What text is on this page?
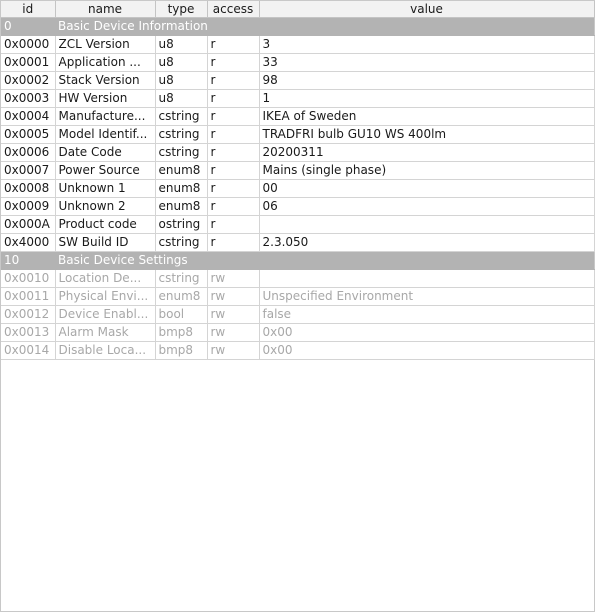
id	name	type	access	value
0	Basic Device Information			
0x0000	ZCL Version	u8	r	3
0x0001	Application ...	u8	r	33
0x0002	Stack Version	u8	r	98
0x0003	HW Version	u8	r	1
0x0004	Manufacture...	cstring	r	IKEA of Sweden
0x0005	Model Identif...	cstring	r	TRADFRI bulb GU10 WS 400lm
0x0006	Date Code	cstring	r	20200311
0x0007	Power Source	enum8	r	Mains (single phase)
0x0008	Unknown 1	enum8	r	00
0x0009	Unknown 2	enum8	r	06
0x000A	Product code	ostring	r	
0x4000	SW Build ID	cstring	r	2.3.050
10	Basic Device Settings			
0x0010	Location De...	cstring	rw	
0x0011	Physical Envi...	enum8	rw	Unspecified Environment
0x0012	Device Enabl...	bool	rw	false
0x0013	Alarm Mask	bmp8	rw	0x00
0x0014	Disable Loca...	bmp8	rw	0x00
